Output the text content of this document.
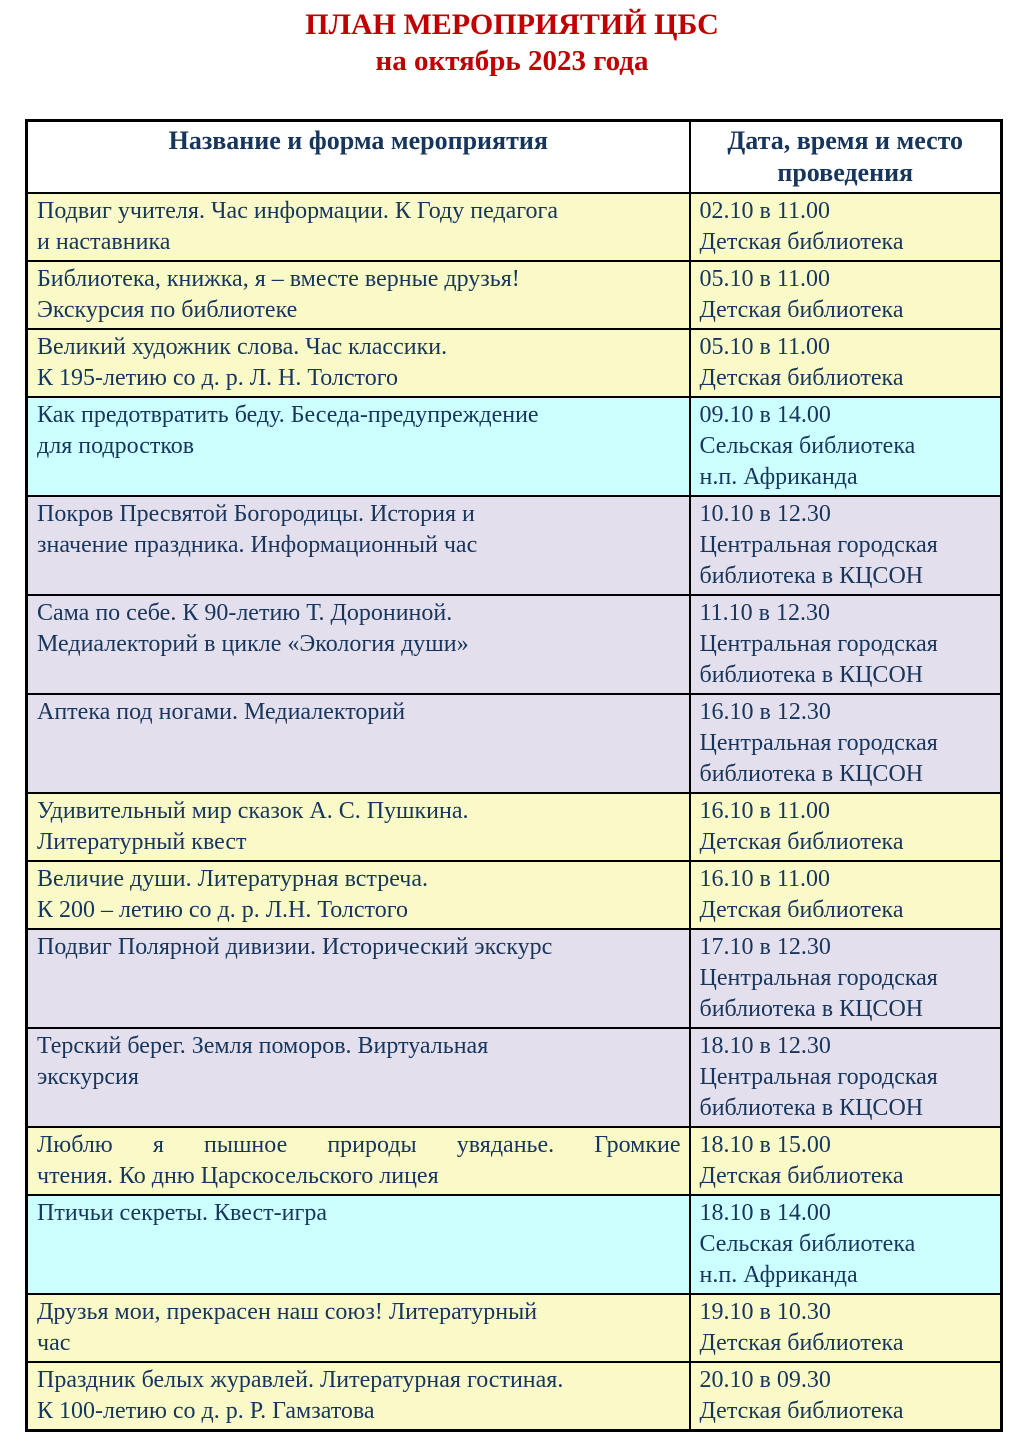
ПЛАН МЕРОПРИЯТИЙ ЦБС
на октябрь 2023 года
Название и форма мероприятия	Дата, время и место проведения

Подвиг учителя. Час информации. К Году педагога
и наставника

02.10 в 11.00
Детская библиотека

Библиотека, книжка, я – вместе верные друзья!
Экскурсия по библиотеке

05.10 в 11.00
Детская библиотека

Великий художник слова. Час классики.
К 195-летию со д. р. Л. Н. Толстого

05.10 в 11.00
Детская библиотека

Как предотвратить беду. Беседа-предупреждение
для подростков

09.10 в 14.00
Сельская библиотека
н.п. Африканда

Покров Пресвятой Богородицы. История и
значение праздника. Информационный час

10.10 в 12.30
Центральная городская
библиотека в КЦСОН

Сама по себе. К 90-летию Т. Дорониной.
Медиалекторий в цикле «Экология души»

11.10 в 12.30
Центральная городская
библиотека в КЦСОН

Аптека под ногами. Медиалекторий	16.10 в 12.30
Центральная городская
библиотека в КЦСОН

Удивительный мир сказок А. С. Пушкина.
Литературный квест

16.10 в 11.00
Детская библиотека

Величие души. Литературная встреча.
К 200 – летию со д. р. Л.Н. Толстого

16.10 в 11.00
Детская библиотека

Подвиг Полярной дивизии. Исторический экскурс	17.10 в 12.30
Центральная городская
библиотека в КЦСОН

Терский берег. Земля поморов. Виртуальная
экскурсия

18.10 в 12.30
Центральная городская
библиотека в КЦСОН

Люблю я пышное природы увяданье. Громкие
чтения. Ко дню Царскосельского лицея

18.10 в 15.00
Детская библиотека

Птичьи секреты. Квест-игра	18.10 в 14.00
Сельская библиотека
н.п. Африканда

Друзья мои, прекрасен наш союз! Литературный
час

19.10 в 10.30
Детская библиотека

Праздник белых журавлей. Литературная гостиная.
К 100-летию со д. р. Р. Гамзатова

20.10 в 09.30
Детская библиотека
